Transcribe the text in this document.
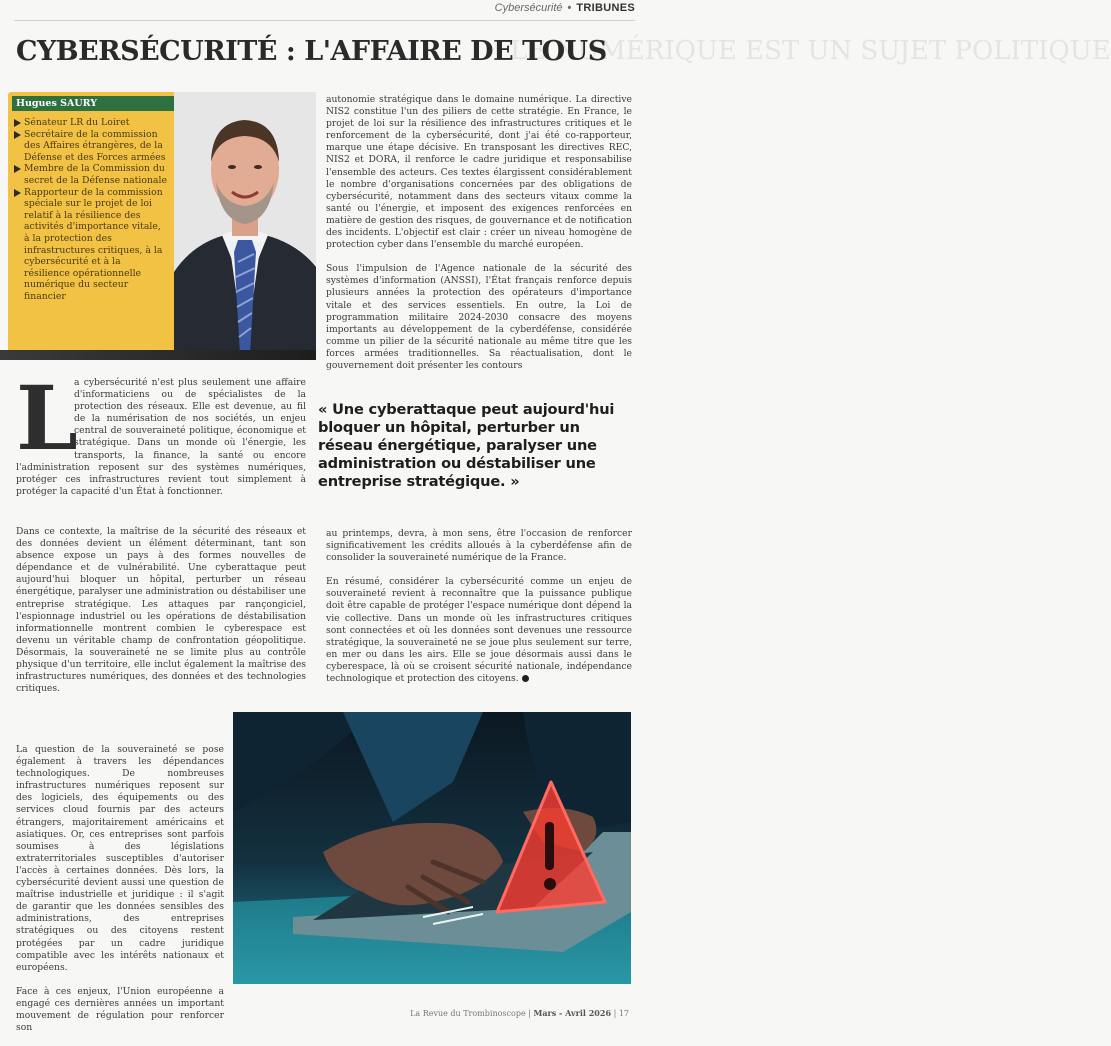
Cybersécurité • TRIBUNES
LE NUMÉRIQUE EST UN SUJET POLITIQUE
CYBERSÉCURITÉ : L'AFFAIRE DE TOUS
Hugues SAURY
Sénateur LR du Loiret
Secrétaire de la commission des Affaires étrangères, de la Défense et des Forces armées
Membre de la Commission du secret de la Défense nationale
Rapporteur de la commission spéciale sur le projet de loi relatif à la résilience des activités d'importance vitale, à la protection des infrastructures critiques, à la cybersécurité et à la résilience opérationnelle numérique du secteur financier

autonomie stratégique dans le domaine numérique. La directive NIS2 constitue l'un des piliers de cette stratégie. En France, le projet de loi sur la résilience des infrastructures critiques et le renforcement de la cybersécurité, dont j'ai été co-rapporteur, marque une étape décisive. En transposant les directives REC, NIS2 et DORA, il renforce le cadre juridique et responsabilise l'ensemble des acteurs. Ces textes élargissent considérablement le nombre d'organisations concernées par des obligations de cybersécurité, notamment dans des secteurs vitaux comme la santé ou l'énergie, et imposent des exigences renforcées en matière de gestion des risques, de gouvernance et de notification des incidents. L'objectif est clair : créer un niveau homogène de protection cyber dans l'ensemble du marché européen.

Sous l'impulsion de l'Agence nationale de la sécurité des systèmes d'information (ANSSI), l'État français renforce depuis plusieurs années la protection des opérateurs d'importance vitale et des services essentiels. En outre, la Loi de programmation militaire 2024-2030 consacre des moyens importants au développement de la cyberdéfense, considérée comme un pilier de la sécurité nationale au même titre que les forces armées traditionnelles. Sa réactualisation, dont le gouvernement doit présenter les contours

L
a cybersécurité n'est plus seulement une affaire d'informaticiens ou de spécialistes de la protection des réseaux. Elle est devenue, au fil de la numérisation de nos sociétés, un enjeu central de souveraineté politique, économique et stratégique. Dans un monde où l'énergie, les transports, la finance, la santé ou encore l'administration reposent sur des systèmes numériques, protéger ces infrastructures revient tout simplement à protéger la capacité d'un État à fonctionner.

« Une cyberattaque peut aujourd'hui bloquer un hôpital, perturber un réseau énergétique, paralyser une administration ou déstabiliser une entreprise stratégique. »

Dans ce contexte, la maîtrise de la sécurité des réseaux et des données devient un élément déterminant, tant son absence expose un pays à des formes nouvelles de dépendance et de vulnérabilité. Une cyberattaque peut aujourd'hui bloquer un hôpital, perturber un réseau énergétique, paralyser une administration ou déstabiliser une entreprise stratégique. Les attaques par rançongiciel, l'espionnage industriel ou les opérations de déstabilisation informationnelle montrent combien le cyberespace est devenu un véritable champ de confrontation géopolitique. Désormais, la souveraineté ne se limite plus au contrôle physique d'un territoire, elle inclut également la maîtrise des infrastructures numériques, des données et des technologies critiques.

La question de la souveraineté se pose également à travers les dépendances technologiques. De nombreuses infrastructures numériques reposent sur des logiciels, des équipements ou des services cloud fournis par des acteurs étrangers, majoritairement américains et asiatiques. Or, ces entreprises sont parfois soumises à des législations extraterritoriales susceptibles d'autoriser l'accès à certaines données. Dès lors, la cybersécurité devient aussi une question de maîtrise industrielle et juridique : il s'agit de garantir que les données sensibles des administrations, des entreprises stratégiques ou des citoyens restent protégées par un cadre juridique compatible avec les intérêts nationaux et européens.

Face à ces enjeux, l'Union européenne a engagé ces dernières années un important mouvement de régulation pour renforcer son

au printemps, devra, à mon sens, être l'occasion de renforcer significativement les crédits alloués à la cyberdéfense afin de consolider la souveraineté numérique de la France.

En résumé, considérer la cybersécurité comme un enjeu de souveraineté revient à reconnaître que la puissance publique doit être capable de protéger l'espace numérique dont dépend la vie collective. Dans un monde où les infrastructures critiques sont connectées et où les données sont devenues une ressource stratégique, la souveraineté ne se joue plus seulement sur terre, en mer ou dans les airs. Elle se joue désormais aussi dans le cyberespace, là où se croisent sécurité nationale, indépendance technologique et protection des citoyens.

La Revue du Trombinoscope | Mars - Avril 2026 | 17
